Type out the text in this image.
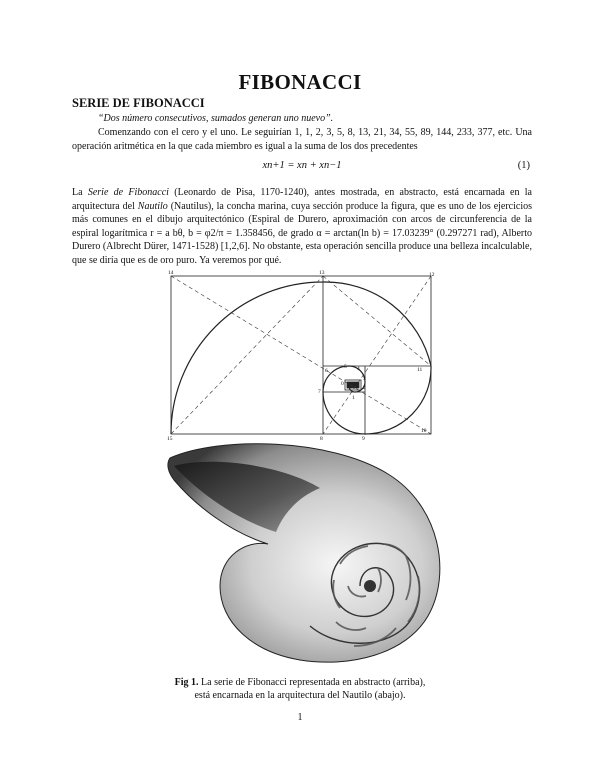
FIBONACCI
SERIE DE FIBONACCI
“Dos número consecutivos, sumados generan uno nuevo”.
Comenzando con el cero y el uno. Le seguirían 1, 1, 2, 3, 5, 8, 13, 21, 34, 55, 89, 144, 233, 377, etc. Una operación aritmética en la que cada miembro es igual a la suma de los dos precedentes
xn+1 = xn + xn−1	(1)
La Serie de Fibonacci (Leonardo de Pisa, 1170-1240), antes mostrada, en abstracto, está encarnada en la arquitectura del Nautilo (Nautilus), la concha marina, cuya sección produce la figura, que es uno de los ejercicios más comunes en el dibujo arquitectónico (Espiral de Durero, aproximación con arcos de circunferencia de la espiral logarítmica r = a bθ, b = φ2/π = 1.358456, de grado α = arctan(ln b) = 17.03239° (0.297271 rad), Alberto Durero (Albrecht Dürer, 1471-1528) [1,2,6]. No obstante, esta operación sencilla produce una belleza incalculable, que se diría que es de oro puro. Ya veremos por qué.
14	13	12
11
10
9
8
7
6
5 4
3
2
1
0
15
Fig 1. La serie de Fibonacci representada en abstracto (arriba),
está encarnada en la arquitectura del Nautilo (abajo).
1
